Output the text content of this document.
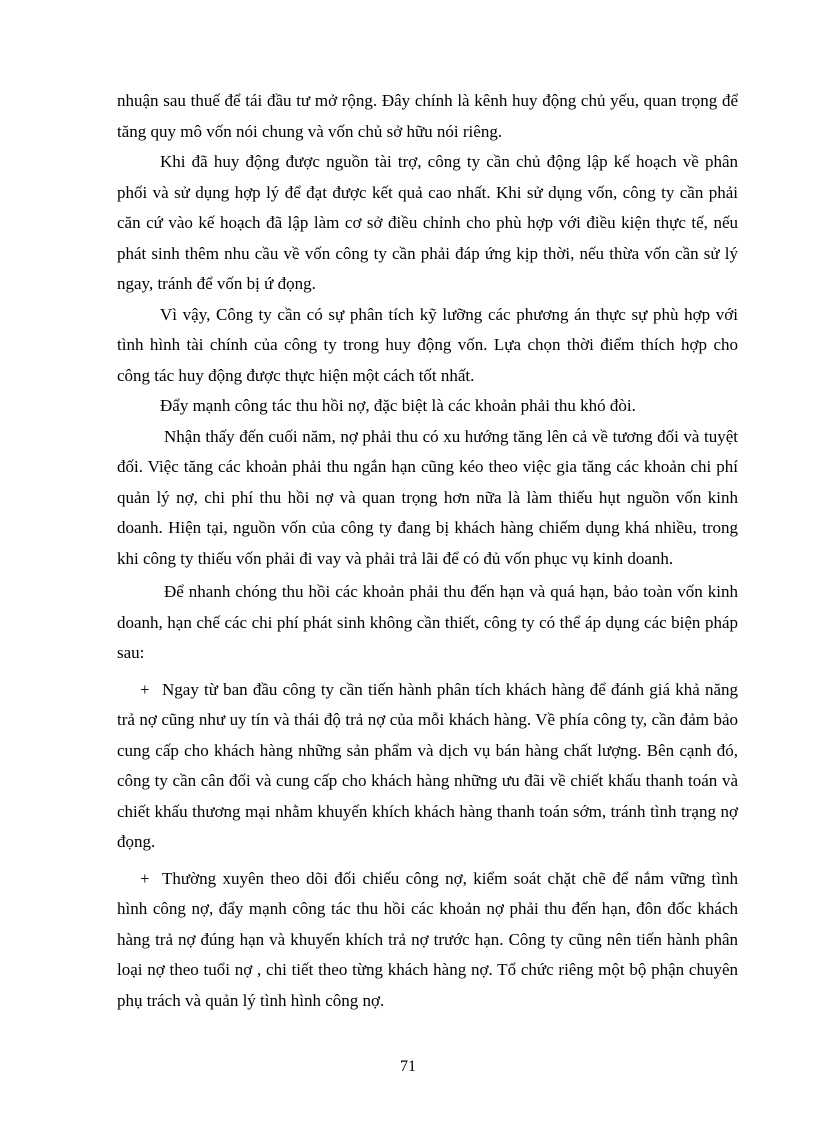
nhuận sau thuế để tái đầu tư mở rộng. Đây chính là kênh huy động chủ yếu, quan trọng để tăng quy mô vốn nói chung và vốn chủ sở hữu nói riêng.

Khi đã huy động được nguồn tài trợ, công ty cần chủ động lập kế hoạch về phân phối và sử dụng hợp lý để đạt được kết quả cao nhất. Khi sử dụng vốn, công ty cần phải căn cứ vào kế hoạch đã lập làm cơ sở điều chỉnh cho phù hợp với điều kiện thực tế, nếu phát sinh thêm nhu cầu về vốn công ty cần phải đáp ứng kịp thời, nếu thừa vốn cần sử lý ngay, tránh để vốn bị ứ đọng.

Vì vậy, Công ty cần có sự phân tích kỹ lưỡng các phương án thực sự phù hợp với tình hình tài chính của công ty trong huy động vốn. Lựa chọn thời điểm thích hợp cho công tác huy động được thực hiện một cách tốt nhất.

Đẩy mạnh công tác thu hồi nợ, đặc biệt là các khoản phải thu khó đòi.

Nhận thấy đến cuối năm, nợ phải thu có xu hướng tăng lên cả về tương đối và tuyệt đối. Việc tăng các khoản phải thu ngắn hạn cũng kéo theo việc gia tăng các khoản chi phí quản lý nợ, chi phí thu hồi nợ và quan trọng hơn nữa là làm thiếu hụt nguồn vốn kinh doanh. Hiện tại, nguồn vốn của công ty đang bị khách hàng chiếm dụng khá nhiều, trong khi công ty thiếu vốn phải đi vay và phải trả lãi để có đủ vốn phục vụ kinh doanh.

Để nhanh chóng thu hồi các khoản phải thu đến hạn và quá hạn, bảo toàn vốn kinh doanh, hạn chế các chi phí phát sinh không cần thiết, công ty có thể áp dụng các biện pháp sau:

+ Ngay từ ban đầu công ty cần tiến hành phân tích khách hàng để đánh giá khả năng trả nợ cũng như uy tín và thái độ trả nợ của mỗi khách hàng. Về phía công ty, cần đảm bảo cung cấp cho khách hàng những sản phẩm và dịch vụ bán hàng chất lượng. Bên cạnh đó, công ty cần cân đối và cung cấp cho khách hàng những ưu đãi về chiết khấu thanh toán và chiết khấu thương mại nhằm khuyến khích khách hàng thanh toán sớm, tránh tình trạng nợ đọng.

+ Thường xuyên theo dõi đối chiếu công nợ, kiểm soát chặt chẽ để nắm vững tình hình công nợ, đẩy mạnh công tác thu hồi các khoản nợ phải thu đến hạn, đôn đốc khách hàng trả nợ đúng hạn và khuyến khích trả nợ trước hạn. Công ty cũng nên tiến hành phân loại nợ theo tuổi nợ , chi tiết theo từng khách hàng nợ. Tổ chức riêng một bộ phận chuyên phụ trách và quản lý tình hình công nợ.

71
